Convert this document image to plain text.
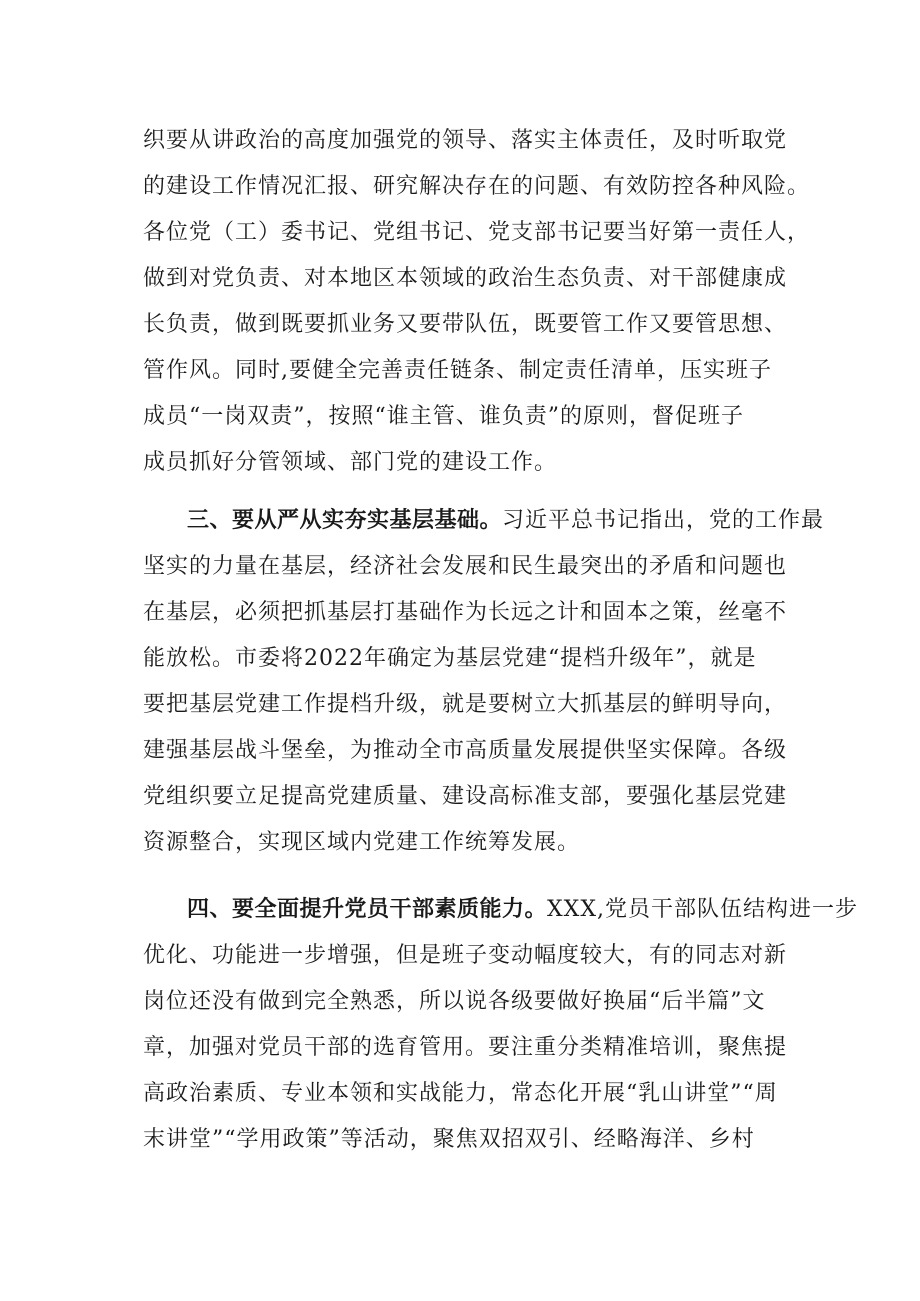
织要从讲政治的高度加强党的领导、落实主体责任，及时听取党
的建设工作情况汇报、研究解决存在的问题、有效防控各种风险。
各位党（工）委书记、党组书记、党支部书记要当好第一责任人，
做到对党负责、对本地区本领域的政治生态负责、对干部健康成
长负责，做到既要抓业务又要带队伍，既要管工作又要管思想、
管作风。同时,要健全完善责任链条、制定责任清单，压实班子
成员“一岗双责”，按照“谁主管、谁负责”的原则，督促班子
成员抓好分管领域、部门党的建设工作。
三、要从严从实夯实基层基础。习近平总书记指出，党的工作最
坚实的力量在基层，经济社会发展和民生最突出的矛盾和问题也
在基层，必须把抓基层打基础作为长远之计和固本之策，丝毫不
能放松。市委将2022年确定为基层党建“提档升级年”，就是
要把基层党建工作提档升级，就是要树立大抓基层的鲜明导向，
建强基层战斗堡垒，为推动全市高质量发展提供坚实保障。各级
党组织要立足提高党建质量、建设高标准支部，要强化基层党建
资源整合，实现区域内党建工作统筹发展。
四、要全面提升党员干部素质能力。XXX,党员干部队伍结构进一步
优化、功能进一步增强，但是班子变动幅度较大，有的同志对新
岗位还没有做到完全熟悉，所以说各级要做好换届“后半篇”文
章，加强对党员干部的选育管用。要注重分类精准培训，聚焦提
高政治素质、专业本领和实战能力，常态化开展“乳山讲堂”“周
末讲堂”“学用政策”等活动，聚焦双招双引、经略海洋、乡村
